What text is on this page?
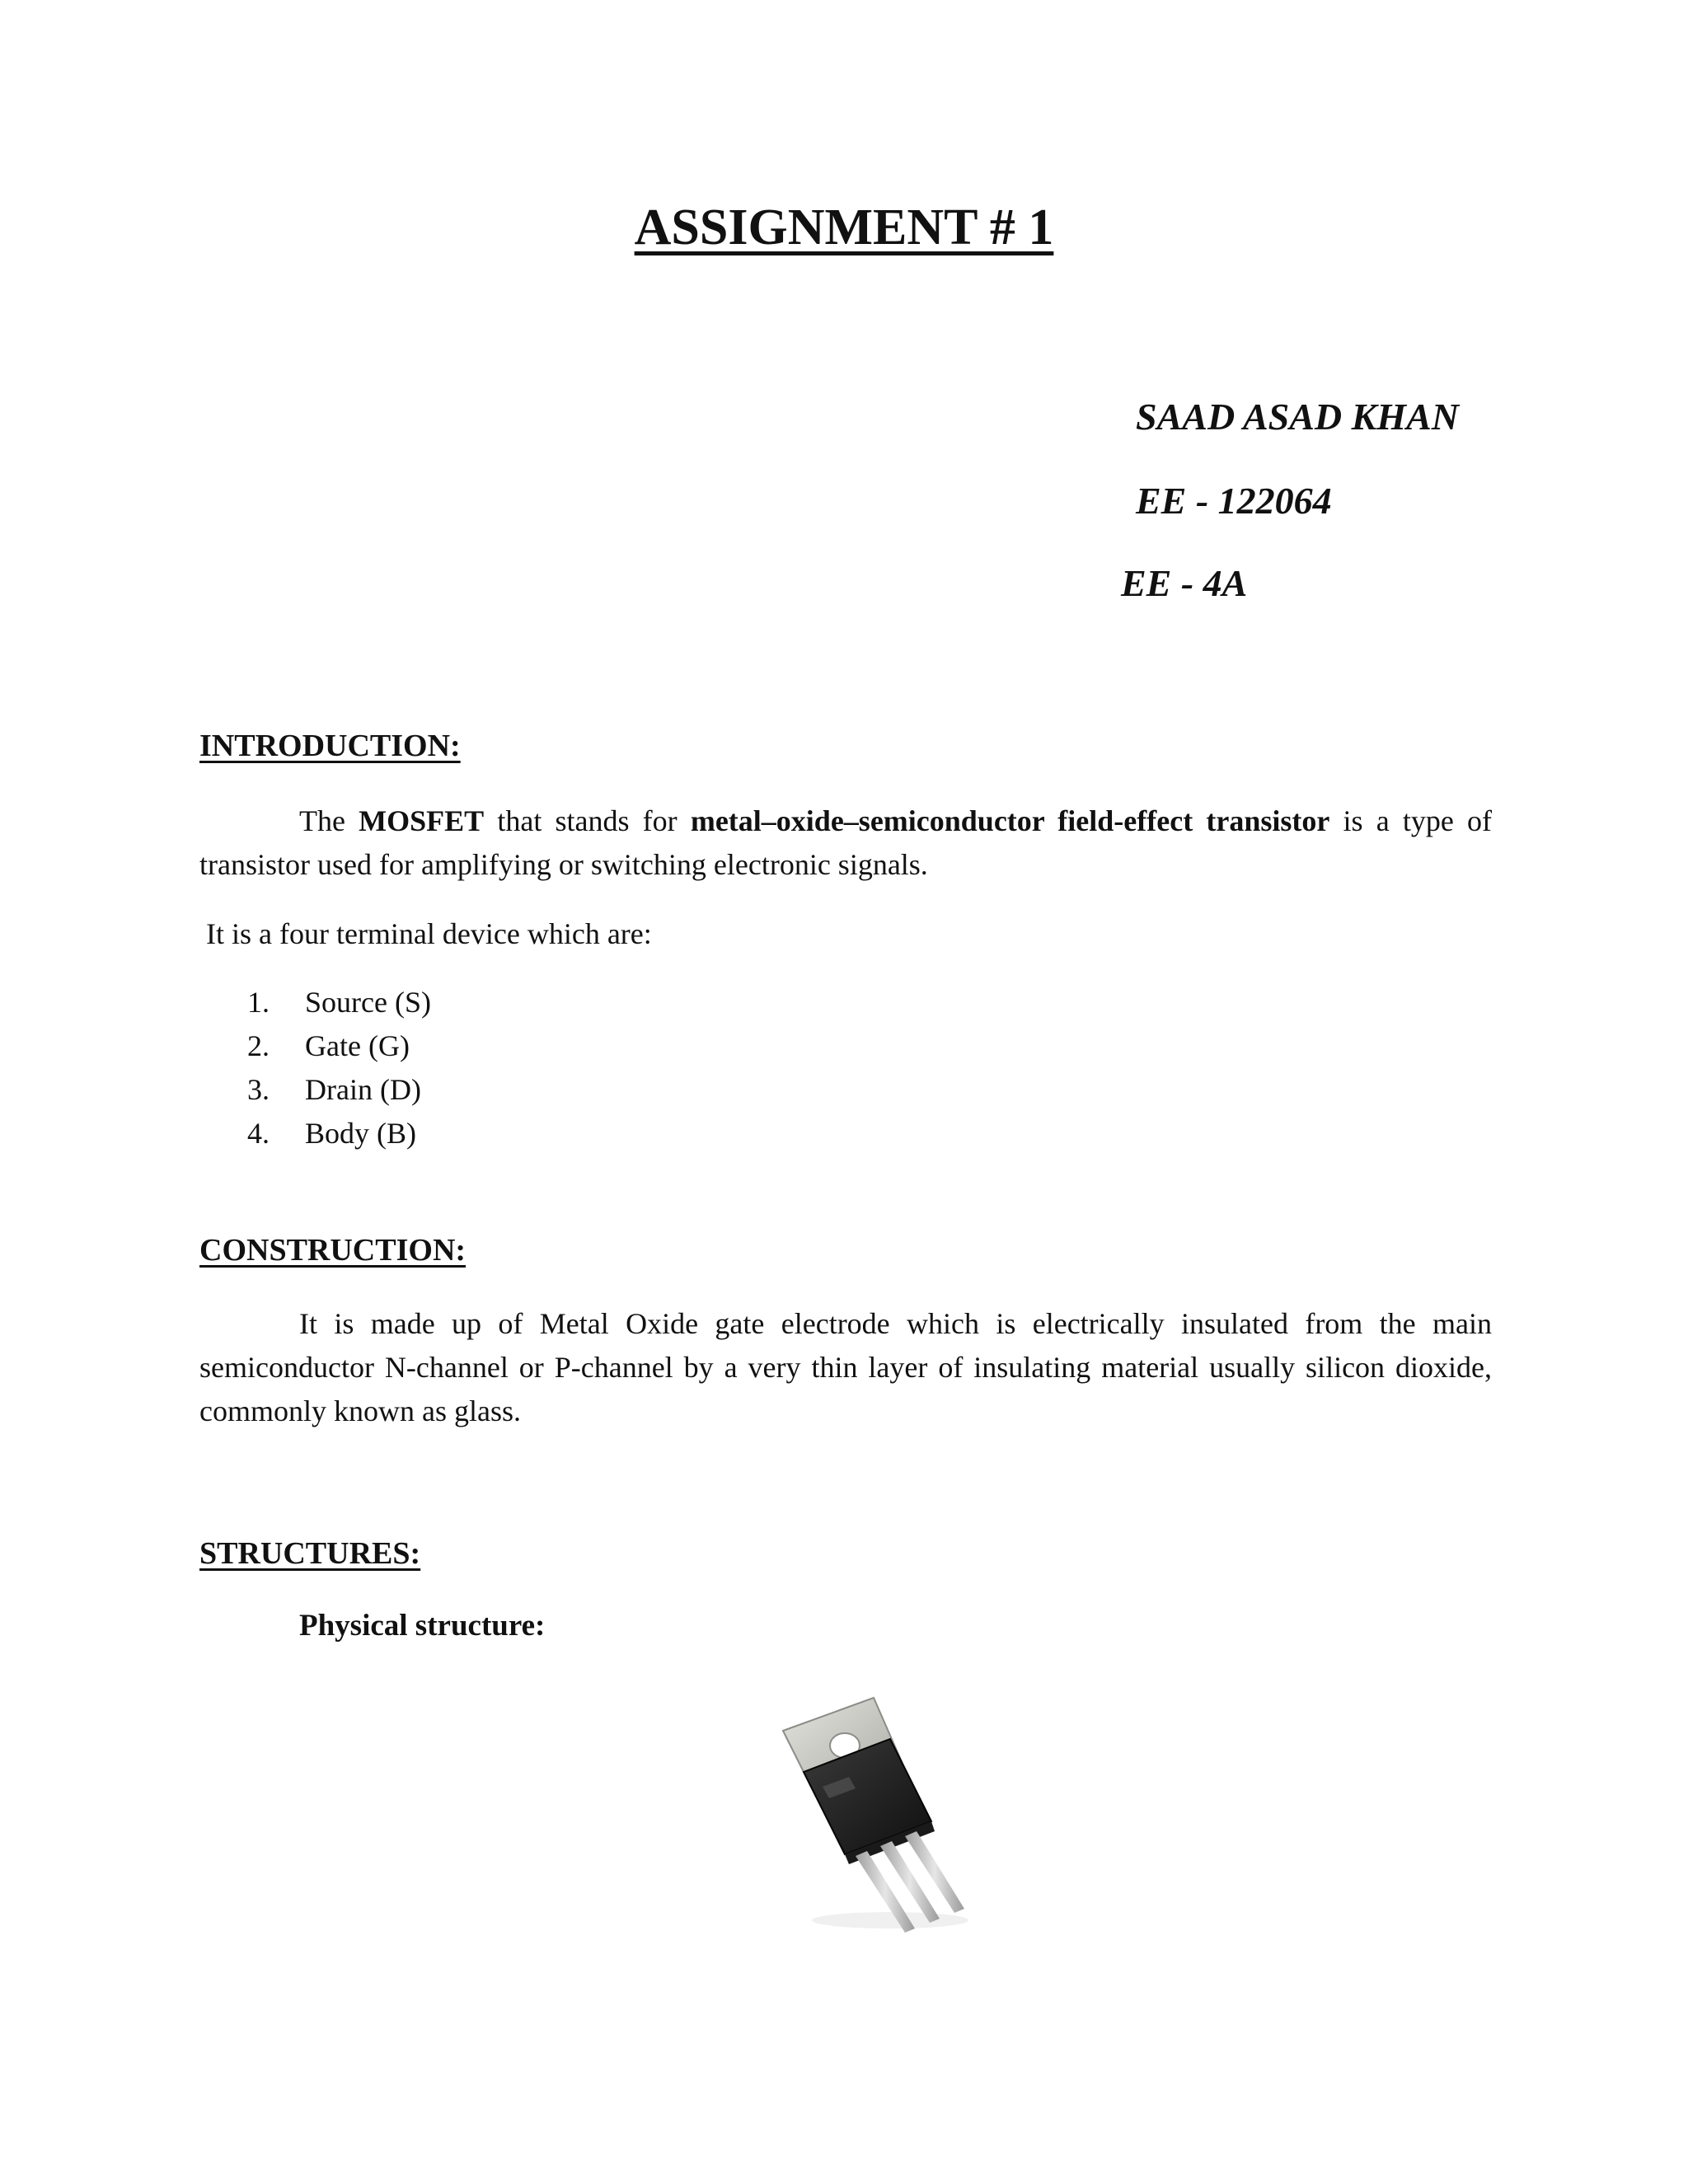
ASSIGNMENT # 1
SAAD ASAD KHAN
EE - 122064
EE - 4A
INTRODUCTION:
The MOSFET that stands for metal–oxide–semiconductor field-effect transistor is a type of transistor used for amplifying or switching electronic signals.
It is a four terminal device which are:
1. Source (S)
2. Gate (G)
3. Drain (D)
4. Body (B)
CONSTRUCTION:
It is made up of Metal Oxide gate electrode which is electrically insulated from the main semiconductor N-channel or P-channel by a very thin layer of insulating material usually silicon dioxide, commonly known as glass.
STRUCTURES:
Physical structure:
